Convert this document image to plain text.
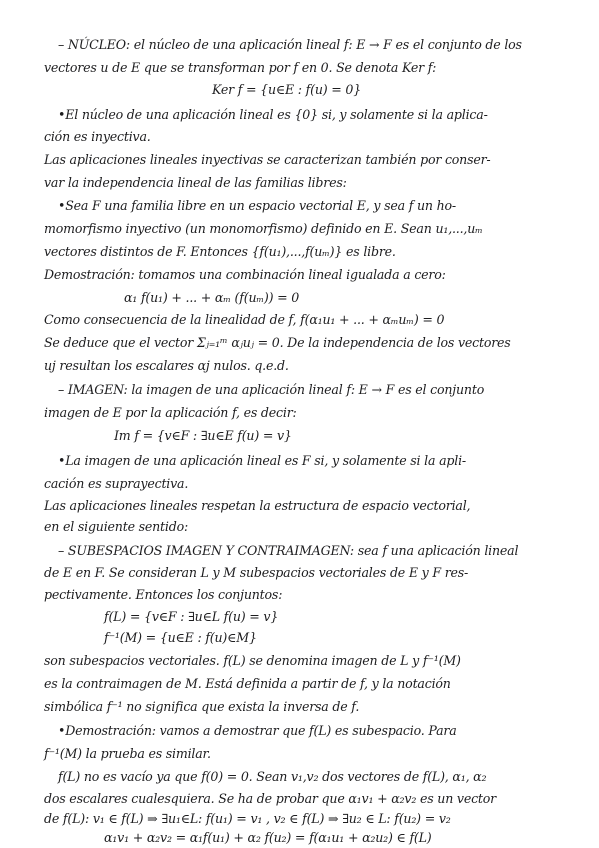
– NÚCLEO: el núcleo de una aplicación lineal f: E → F es el conjunto de los
vectores u de E que se transforman por f en 0. Se denota Ker f:
Ker f = {u∈E : f(u) = 0}
•El núcleo de una aplicación lineal es {0} si, y solamente si la aplica-
ción es inyectiva.
Las aplicaciones lineales inyectivas se caracterizan también por conser-
var la independencia lineal de las familias libres:
•Sea F una familia libre en un espacio vectorial E, y sea f un ho-
momorfismo inyectivo (un monomorfismo) definido en E. Sean u₁,...,uₘ
vectores distintos de F. Entonces {f(u₁),...,f(uₘ)} es libre.
Demostración: tomamos una combinación lineal igualada a cero:
α₁ f(u₁) + ... + αₘ (f(uₘ)) = 0
Como consecuencia de la linealidad de f, f(α₁u₁ + ... + αₘuₘ) = 0
Se deduce que el vector Σⱼ₌₁ᵐ αⱼuⱼ = 0. De la independencia de los vectores
uj resultan los escalares αj nulos. q.e.d.
– IMAGEN: la imagen de una aplicación lineal f: E → F es el conjunto
imagen de E por la aplicación f, es decir:
Im f = {v∈F : ∃u∈E f(u) = v}
•La imagen de una aplicación lineal es F si, y solamente si la apli-
cación es suprayectiva.
Las aplicaciones lineales respetan la estructura de espacio vectorial,
en el siguiente sentido:
– SUBESPACIOS IMAGEN Y CONTRAIMAGEN: sea f una aplicación lineal
de E en F. Se consideran L y M subespacios vectoriales de E y F res-
pectivamente. Entonces los conjuntos:
f(L) = {v∈F : ∃u∈L f(u) = v}
f⁻¹(M) = {u∈E : f(u)∈M}
son subespacios vectoriales. f(L) se denomina imagen de L y f⁻¹(M)
es la contraimagen de M. Está definida a partir de f, y la notación
simbólica f⁻¹ no significa que exista la inversa de f.
•Demostración: vamos a demostrar que f(L) es subespacio. Para
f⁻¹(M) la prueba es similar.
f(L) no es vacío ya que f(0) = 0. Sean v₁,v₂ dos vectores de f(L), α₁, α₂
dos escalares cualesquiera. Se ha de probar que α₁v₁ + α₂v₂ es un vector
de f(L): v₁ ∈ f(L) ⇒ ∃u₁∈L: f(u₁) = v₁ , v₂ ∈ f(L) ⇒ ∃u₂ ∈ L: f(u₂) = v₂
α₁v₁ + α₂v₂ = α₁f(u₁) + α₂ f(u₂) = f(α₁u₁ + α₂u₂) ∈ f(L)
